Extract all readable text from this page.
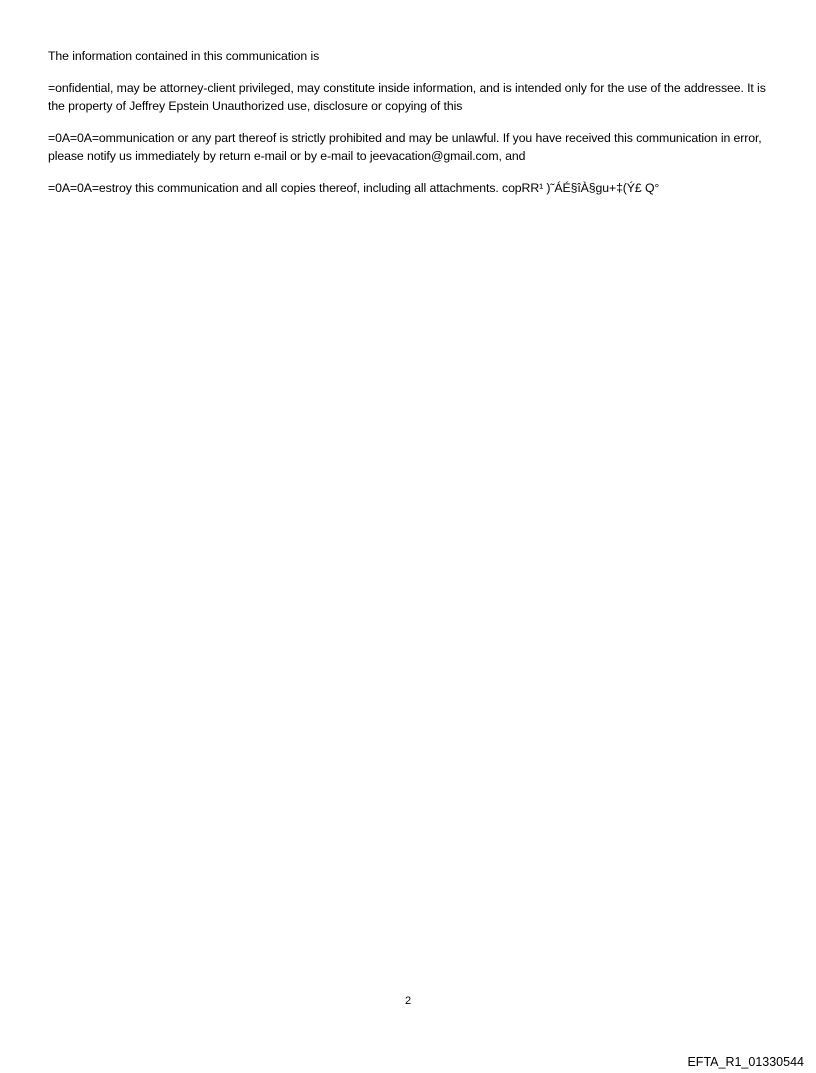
The information contained in this communication is

=onfidential, may be attorney-client privileged, may constitute inside information, and is intended only for the use of the addressee. It is the property of Jeffrey Epstein Unauthorized use, disclosure or copying of this

=0A=0A=ommunication or any part thereof is strictly prohibited and may be unlawful. If you have received this communication in error, please notify us immediately by return e-mail or by e-mail to jeevacation@gmail.com, and

=0A=0A=estroy this communication and all copies thereof, including all attachments. copRR¹ )˜ÁÉ§îÀ§gu+‡(Ý£ Q°

2
EFTA_R1_01330544
